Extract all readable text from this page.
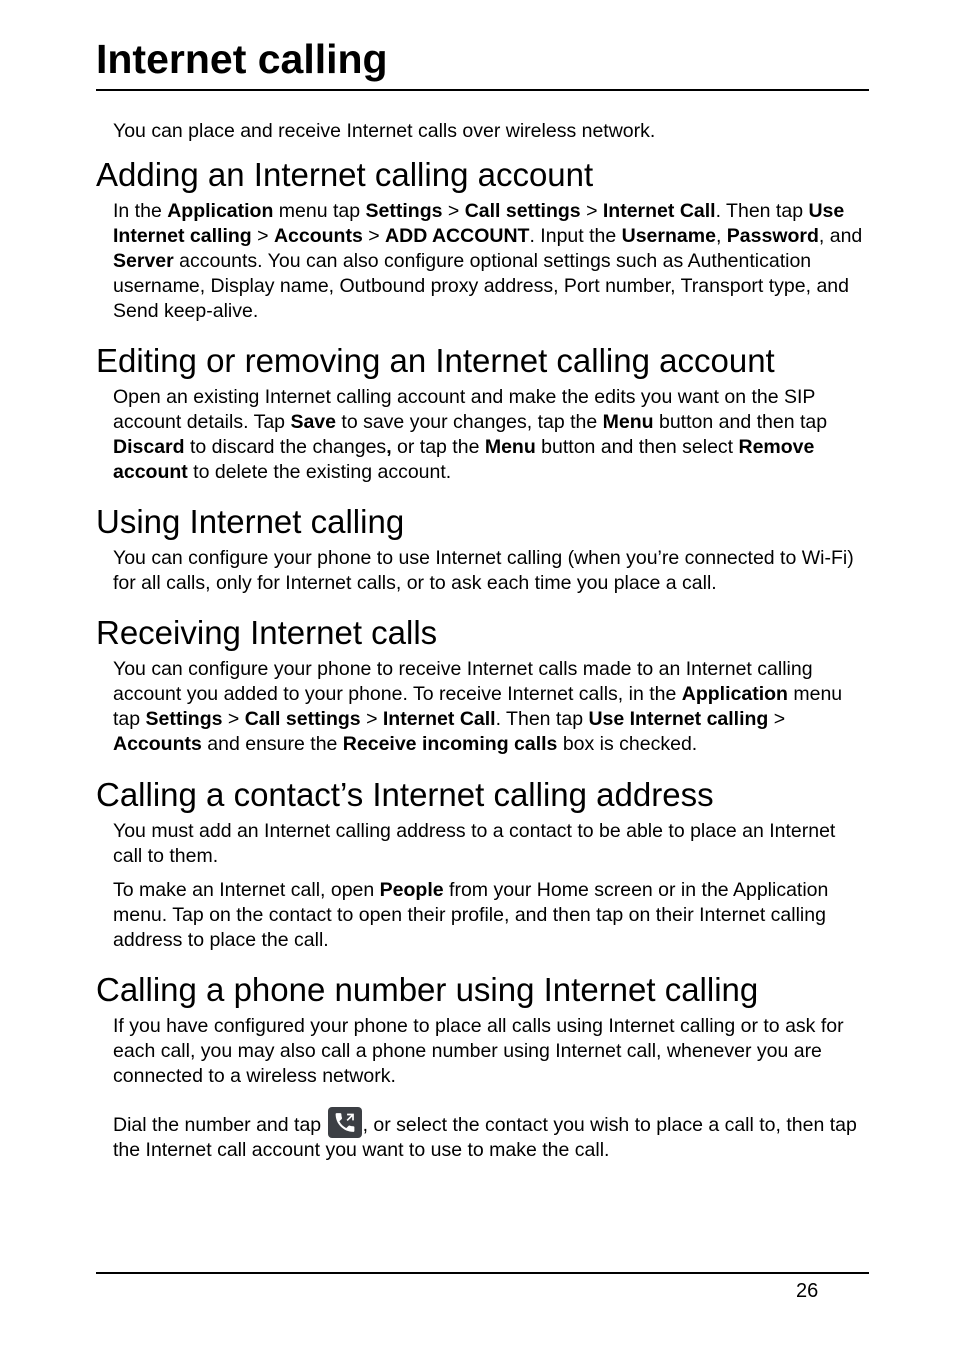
Internet calling

You can place and receive Internet calls over wireless network.

Adding an Internet calling account

In the Application menu tap Settings > Call settings > Internet Call. Then tap Use Internet calling > Accounts > ADD ACCOUNT. Input the Username, Password, and Server accounts. You can also configure optional settings such as Authentication username, Display name, Outbound proxy address, Port number, Transport type, and Send keep-alive.

Editing or removing an Internet calling account

Open an existing Internet calling account and make the edits you want on the SIP account details. Tap Save to save your changes, tap the Menu button and then tap Discard to discard the changes, or tap the Menu button and then select Remove account to delete the existing account.

Using Internet calling

You can configure your phone to use Internet calling (when you’re connected to Wi-Fi) for all calls, only for Internet calls, or to ask each time you place a call.

Receiving Internet calls

You can configure your phone to receive Internet calls made to an Internet calling account you added to your phone. To receive Internet calls, in the Application menu tap Settings > Call settings > Internet Call. Then tap Use Internet calling > Accounts and ensure the Receive incoming calls box is checked.

Calling a contact’s Internet calling address

You must add an Internet calling address to a contact to be able to place an Internet call to them.

To make an Internet call, open People from your Home screen or in the Application menu. Tap on the contact to open their profile, and then tap on their Internet calling address to place the call.

Calling a phone number using Internet calling

If you have configured your phone to place all calls using Internet calling or to ask for each call, you may also call a phone number using Internet call, whenever you are connected to a wireless network.

Dial the number and tap
, or select the contact you wish to place a call to, then tap the Internet call account you want to use to make the call.

26
